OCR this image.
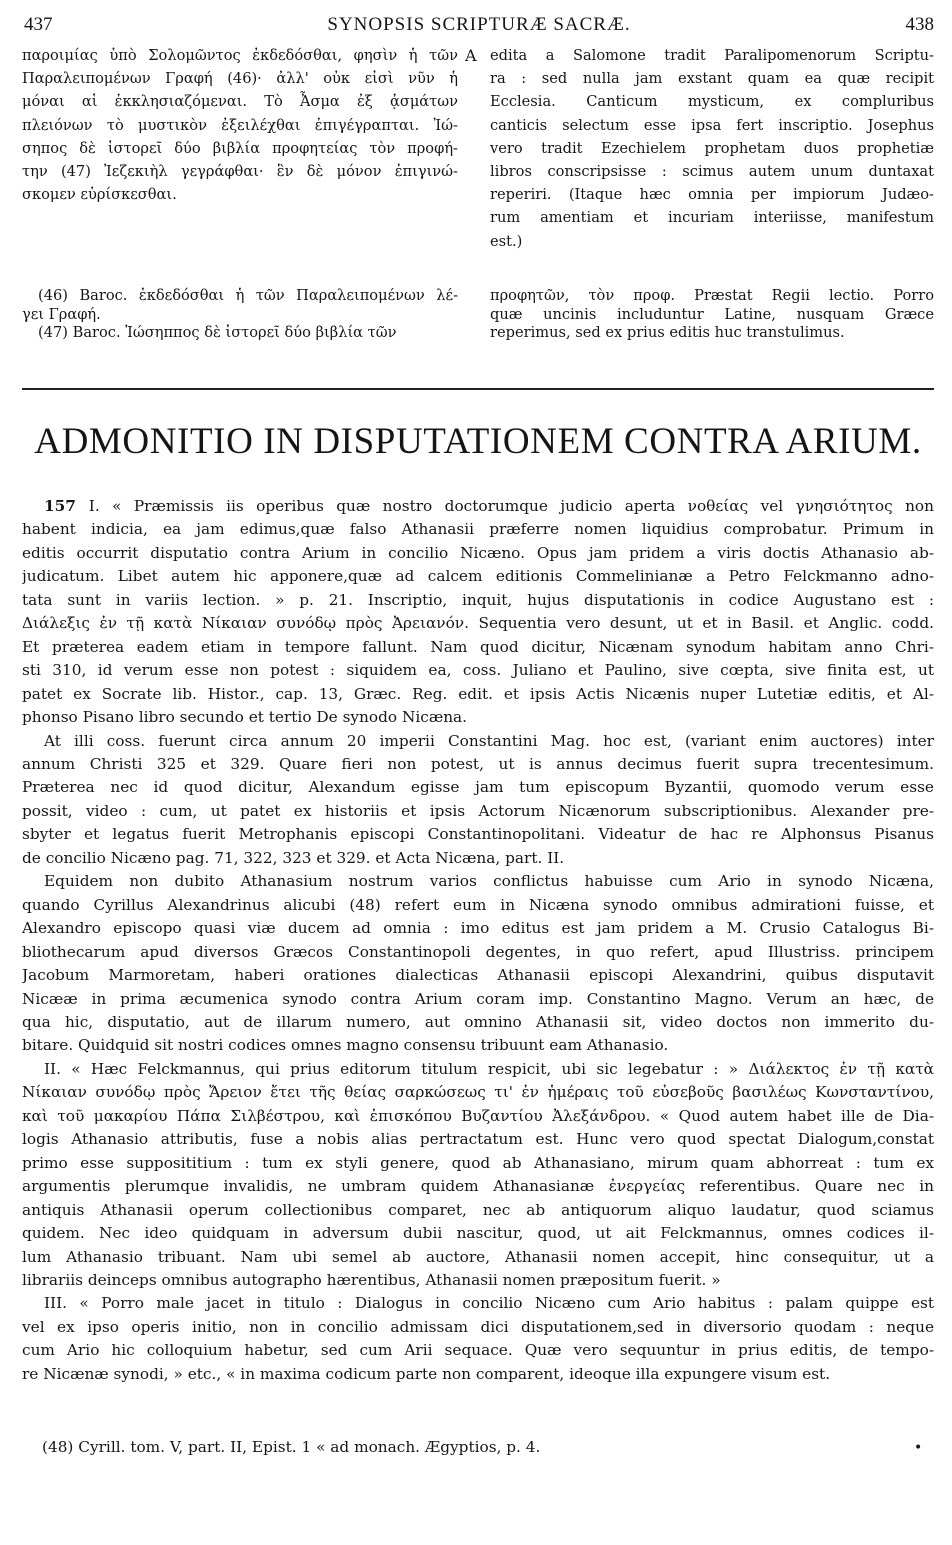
437	SYNOPSIS SCRIPTURÆ SACRÆ.	438
παροιμίας ὑπὸ Σολομῶντος ἐκδεδόσθαι, φησὶν ἡ τῶν
Παραλειπομένων Γραφή (46)· ἀλλ' οὐκ εἰσὶ νῦν ἡ
μόναι αἱ ἐκκλησιαζόμεναι. Τὸ Ἆσμα ἐξ ᾀσμάτων
πλειόνων τὸ μυστικὸν ἐξειλέχθαι ἐπιγέγραπται. Ἰώ-
σηπος δὲ ἱστορεῖ δύο βιβλία προφητείας τὸν προφή-
την (47) Ἰεζεκιὴλ γεγράφθαι· ἓν δὲ μόνον ἐπιγινώ-
σκομεν εὑρίσκεσθαι.
A edita a Salomone tradit Paralipomenorum Scriptu-
ra : sed nulla jam exstant quam ea quæ recipit
Ecclesia. Canticum mysticum, ex compluribus
canticis selectum esse ipsa fert inscriptio. Josephus
vero tradit Ezechielem prophetam duos prophetiæ
libros conscripsisse : scimus autem unum duntaxat
reperiri. (Itaque hæc omnia per impiorum Judæo-
rum amentiam et incuriam interiisse, manifestum
est.)
(46) Baroc. ἐκδεδόσθαι ἡ τῶν Παραλειπομένων λέ-
γει Γραφή.
(47) Baroc. Ἰώσηππος δὲ ἱστορεῖ δύο βιβλία τῶν
προφητῶν, τὸν προφ. Præstat Regii lectio. Porro
quæ uncinis includuntur Latine, nusquam Græce
reperimus, sed ex prius editis huc transtulimus.
ADMONITIO IN DISPUTATIONEM CONTRA ARIUM.
157 I. « Præmissis iis operibus quæ nostro doctorumque judicio aperta νοθείας vel γνησιότητος non
habent indicia, ea jam edimus,quæ falso Athanasii præferre nomen liquidius comprobatur. Primum in
editis occurrit disputatio contra Arium in concilio Nicæno. Opus jam pridem a viris doctis Athanasio ab-
judicatum. Libet autem hic apponere,quæ ad calcem editionis Commelinianæ a Petro Felckmanno adno-
tata sunt in variis lection. » p. 21. Inscriptio, inquit, hujus disputationis in codice Augustano est :
Διάλεξις ἐν τῇ κατὰ Νίκαιαν συνόδῳ πρὸς Ἀρειανόν. Sequentia vero desunt, ut et in Basil. et Anglic. codd.
Et præterea eadem etiam in tempore fallunt. Nam quod dicitur, Nicænam synodum habitam anno Chri-
sti 310, id verum esse non potest : siquidem ea, coss. Juliano et Paulino, sive cœpta, sive finita est, ut
patet ex Socrate lib. Histor., cap. 13, Græc. Reg. edit. et ipsis Actis Nicænis nuper Lutetiæ editis, et Al-
phonso Pisano libro secundo et tertio De synodo Nicæna.
At illi coss. fuerunt circa annum 20 imperii Constantini Mag. hoc est, (variant enim auctores) inter
annum Christi 325 et 329. Quare fieri non potest, ut is annus decimus fuerit supra trecentesimum.
Præterea nec id quod dicitur, Alexandum egisse jam tum episcopum Byzantii, quomodo verum esse
possit, video : cum, ut patet ex historiis et ipsis Actorum Nicænorum subscriptionibus. Alexander pre-
sbyter et legatus fuerit Metrophanis episcopi Constantinopolitani. Videatur de hac re Alphonsus Pisanus
de concilio Nicæno pag. 71, 322, 323 et 329. et Acta Nicæna, part. II.
Equidem non dubito Athanasium nostrum varios conflictus habuisse cum Ario in synodo Nicæna,
quando Cyrillus Alexandrinus alicubi (48) refert eum in Nicæna synodo omnibus admirationi fuisse, et
Alexandro episcopo quasi viæ ducem ad omnia : imo editus est jam pridem a M. Crusio Catalogus Bi-
bliothecarum apud diversos Græcos Constantinopoli degentes, in quo refert, apud Illustriss. principem
Jacobum Marmoretam, haberi orationes dialecticas Athanasii episcopi Alexandrini, quibus disputavit
Nicææ in prima æcumenica synodo contra Arium coram imp. Constantino Magno. Verum an hæc, de
qua hic, disputatio, aut de illarum numero, aut omnino Athanasii sit, video doctos non immerito du-
bitare. Quidquid sit nostri codices omnes magno consensu tribuunt eam Athanasio.
II. « Hæc Felckmannus, qui prius editorum titulum respicit, ubi sic legebatur : » Διάλεκτος ἐν τῇ κατὰ
Νίκαιαν συνόδῳ πρὸς Ἄρειον ἔτει τῆς θείας σαρκώσεως τι' ἐν ἡμέραις τοῦ εὐσεβοῦς βασιλέως Κωνσταντίνου,
καὶ τοῦ μακαρίου Πάπα Σιλβέστρου, καὶ ἐπισκόπου Βυζαντίου Ἀλεξάνδρου. « Quod autem habet ille de Dia-
logis Athanasio attributis, fuse a nobis alias pertractatum est. Hunc vero quod spectat Dialogum,constat
primo esse supposititium : tum ex styli genere, quod ab Athanasiano, mirum quam abhorreat : tum ex
argumentis plerumque invalidis, ne umbram quidem Athanasianæ ἐνεργείας referentibus. Quare nec in
antiquis Athanasii operum collectionibus comparet, nec ab antiquorum aliquo laudatur, quod sciamus
quidem. Nec ideo quidquam in adversum dubii nascitur, quod, ut ait Felckmannus, omnes codices il-
lum Athanasio tribuant. Nam ubi semel ab auctore, Athanasii nomen accepit, hinc consequitur, ut a
librariis deinceps omnibus autographo hærentibus, Athanasii nomen præpositum fuerit. »
III. « Porro male jacet in titulo : Dialogus in concilio Nicæno cum Ario habitus : palam quippe est
vel ex ipso operis initio, non in concilio admissam dici disputationem,sed in diversorio quodam : neque
cum Ario hic colloquium habetur, sed cum Arii sequace. Quæ vero sequuntur in prius editis, de tempo-
re Nicænæ synodi, » etc., « in maxima codicum parte non comparent, ideoque illa expungere visum est.
(48) Cyrill. tom. V, part. II, Epist. 1 « ad monach. Ægyptios, p. 4.	•
